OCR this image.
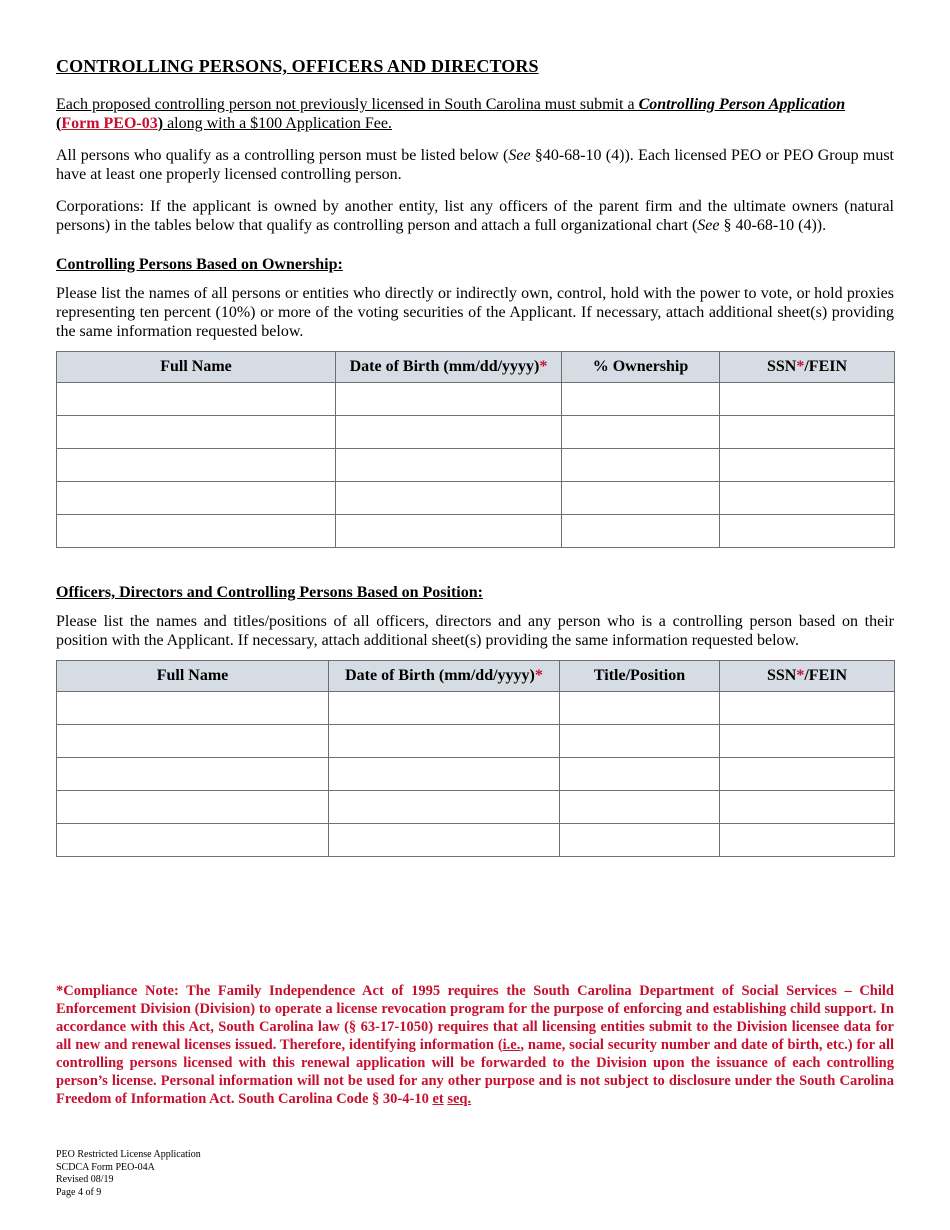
CONTROLLING PERSONS, OFFICERS AND DIRECTORS

Each proposed controlling person not previously licensed in South Carolina must submit a Controlling Person Application
(Form PEO-03) along with a $100 Application Fee.

All persons who qualify as a controlling person must be listed below (See §40-68-10 (4)). Each licensed PEO or PEO Group must have at least one properly licensed controlling person.

Corporations: If the applicant is owned by another entity, list any officers of the parent firm and the ultimate owners (natural persons) in the tables below that qualify as controlling person and attach a full organizational chart (See § 40-68-10 (4)).

Controlling Persons Based on Ownership:

Please list the names of all persons or entities who directly or indirectly own, control, hold with the power to vote, or hold proxies representing ten percent (10%) or more of the voting securities of the Applicant. If necessary, attach additional sheet(s) providing the same information requested below.

Full Name	Date of Birth (mm/dd/yyyy)*	% Ownership	SSN*/FEIN

Officers, Directors and Controlling Persons Based on Position:

Please list the names and titles/positions of all officers, directors and any person who is a controlling person based on their position with the Applicant. If necessary, attach additional sheet(s) providing the same information requested below.

Full Name	Date of Birth (mm/dd/yyyy)*	Title/Position	SSN*/FEIN

*Compliance Note: The Family Independence Act of 1995 requires the South Carolina Department of Social Services – Child Enforcement Division (Division) to operate a license revocation program for the purpose of enforcing and establishing child support. In accordance with this Act, South Carolina law (§ 63-17-1050) requires that all licensing entities submit to the Division licensee data for all new and renewal licenses issued. Therefore, identifying information (i.e., name, social security number and date of birth, etc.) for all controlling persons licensed with this renewal application will be forwarded to the Division upon the issuance of each controlling person’s license. Personal information will not be used for any other purpose and is not subject to disclosure under the South Carolina Freedom of Information Act. South Carolina Code § 30-4-10 et seq.
PEO Restricted License Application
SCDCA Form PEO-04A
Revised 08/19
Page 4 of 9
